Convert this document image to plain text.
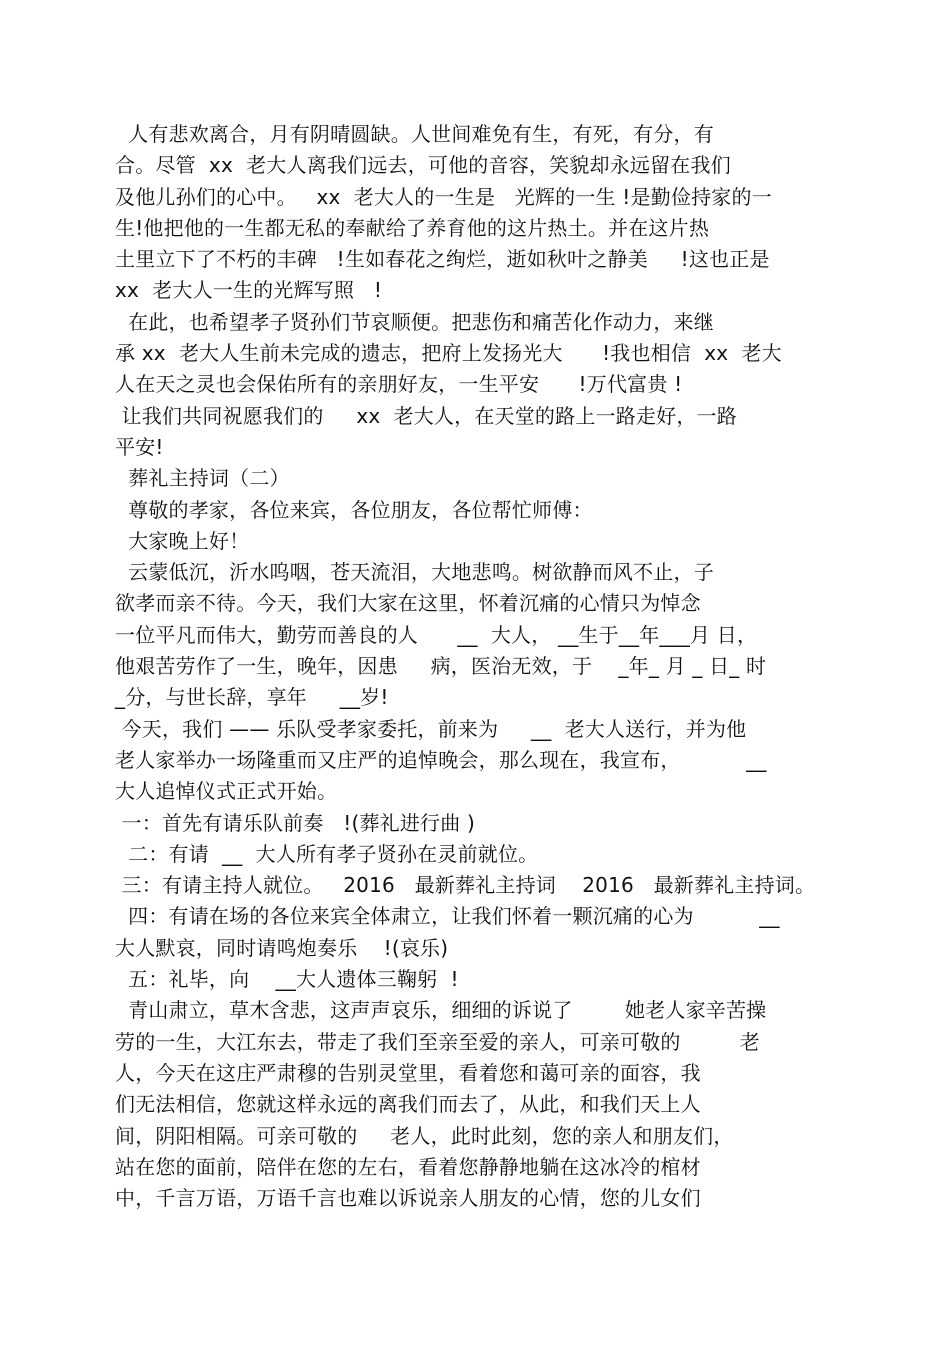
人有悲欢离合，月有阴晴圆缺。人世间难免有生，有死，有分，有
合。尽管  xx  老大人离我们远去，可他的音容，笑貌却永远留在我们
及他儿孙们的心中。   xx  老大人的一生是   光辉的一生 !是勤俭持家的一
生!他把他的一生都无私的奉献给了养育他的这片热土。并在这片热
土里立下了不朽的丰碑   !生如春花之绚烂，逝如秋叶之静美     !这也正是
xx  老大人一生的光辉写照   !
在此，也希望孝子贤孙们节哀顺便。把悲伤和痛苦化作动力，来继
承 xx  老大人生前未完成的遗志，把府上发扬光大      !我也相信  xx  老大
人在天之灵也会保佑所有的亲朋好友，一生平安      !万代富贵 !
让我们共同祝愿我们的     xx  老大人，在天堂的路上一路走好，一路
平安!
葬礼主持词（二）
尊敬的孝家，各位来宾，各位朋友，各位帮忙师傅：
大家晚上好！
云蒙低沉，沂水呜咽，苍天流泪，大地悲鸣。树欲静而风不止，子
欲孝而亲不待。今天，我们大家在这里，怀着沉痛的心情只为悼念
一位平凡而伟大，勤劳而善良的人      __  大人， __生于__年___月 日，
他艰苦劳作了一生，晚年，因患     病，医治无效，于    _年_ 月 _ 日_ 时
_分，与世长辞，享年     __岁!
今天，我们 —— 乐队受孝家委托，前来为     __  老大人送行，并为他
老人家举办一场隆重而又庄严的追悼晚会，那么现在，我宣布，          __
大人追悼仪式正式开始。
一：首先有请乐队前奏   !(葬礼进行曲 )
二：有请  __  大人所有孝子贤孙在灵前就位。
三：有请主持人就位。   2016   最新葬礼主持词    2016   最新葬礼主持词。
四：有请在场的各位来宾全体肃立，让我们怀着一颗沉痛的心为          __
大人默哀，同时请鸣炮奏乐    !(哀乐)
五：礼毕，向    __大人遗体三鞠躬  !
青山肃立，草木含悲，这声声哀乐，细细的诉说了        她老人家辛苦操
劳的一生，大江东去，带走了我们至亲至爱的亲人，可亲可敬的         老
人，今天在这庄严肃穆的告别灵堂里，看着您和蔼可亲的面容，我
们无法相信，您就这样永远的离我们而去了，从此，和我们天上人
间，阴阳相隔。可亲可敬的     老人，此时此刻，您的亲人和朋友们，
站在您的面前，陪伴在您的左右，看着您静静地躺在这冰冷的棺材
中，千言万语，万语千言也难以诉说亲人朋友的心情，您的儿女们
